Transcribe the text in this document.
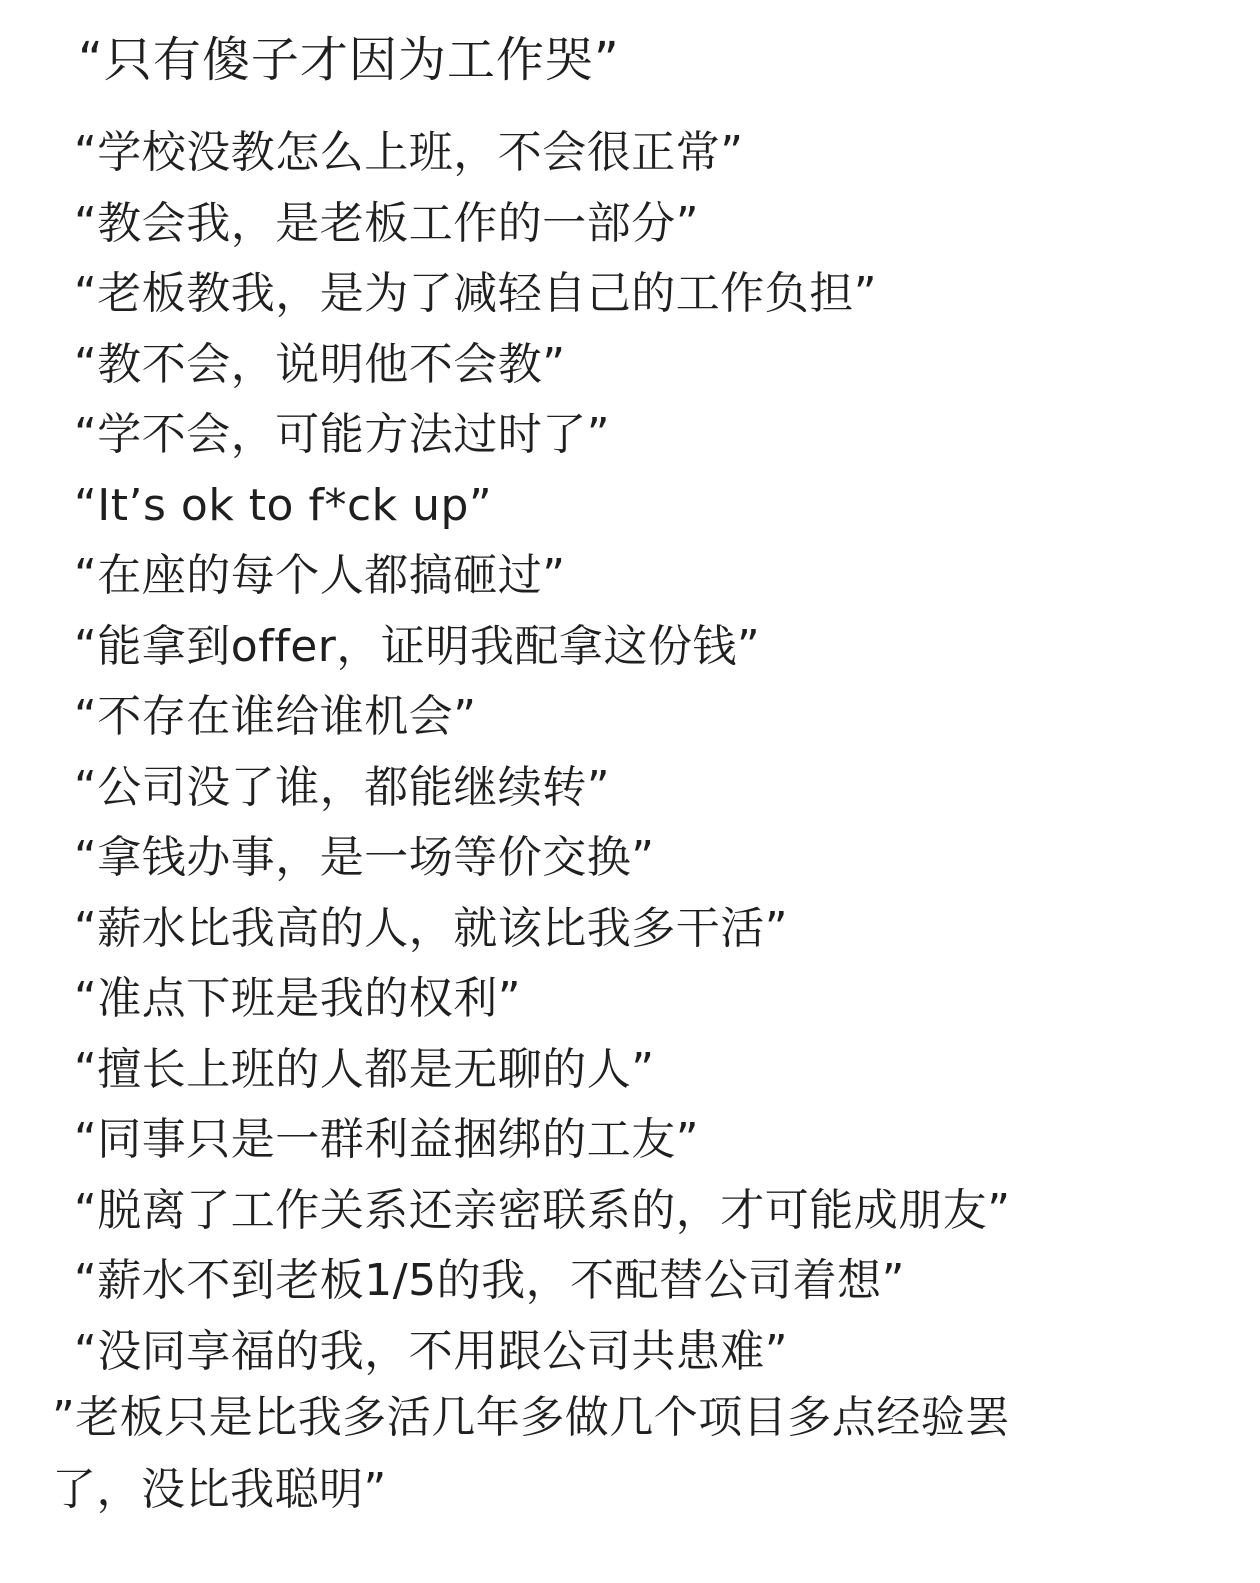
“只有傻子才因为工作哭”
“学校没教怎么上班，不会很正常”
“教会我，是老板工作的一部分”
“老板教我，是为了减轻自己的工作负担”
“教不会，说明他不会教”
“学不会，可能方法过时了”
“It’s ok to f*ck up”
“在座的每个人都搞砸过”
“能拿到offer，证明我配拿这份钱”
“不存在谁给谁机会”
“公司没了谁，都能继续转”
“拿钱办事，是一场等价交换”
“薪水比我高的人，就该比我多干活”
“准点下班是我的权利”
“擅长上班的人都是无聊的人”
“同事只是一群利益捆绑的工友”
“脱离了工作关系还亲密联系的，才可能成朋友”
“薪水不到老板1/5的我，不配替公司着想”
“没同享福的我，不用跟公司共患难”
”老板只是比我多活几年多做几个项目多点经验罢
了，没比我聪明”
